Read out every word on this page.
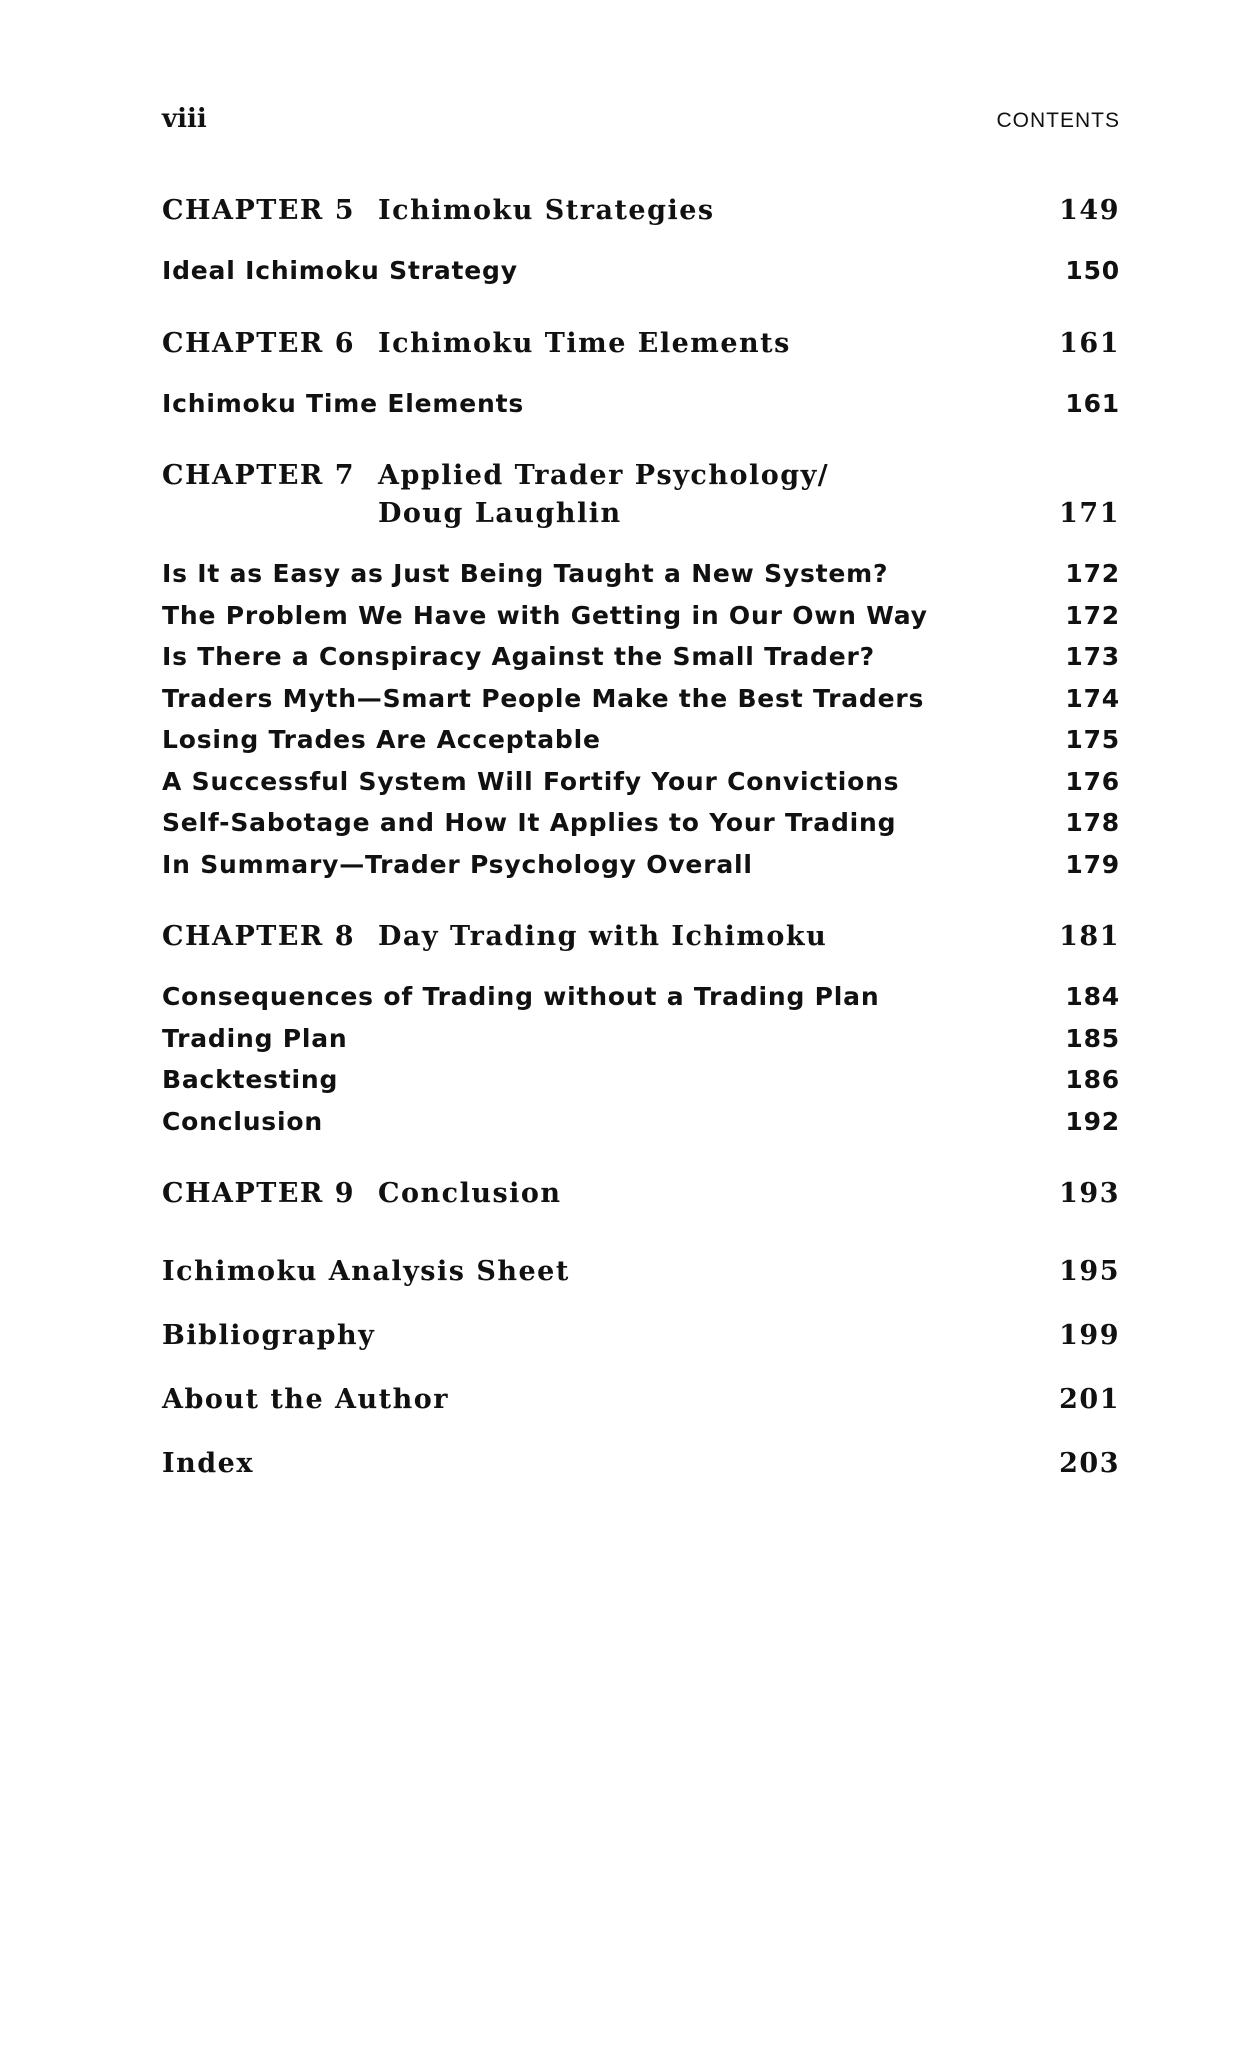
viii	CONTENTS
CHAPTER 5 Ichimoku Strategies	149
Ideal Ichimoku Strategy	150
CHAPTER 6 Ichimoku Time Elements	161
Ichimoku Time Elements	161
CHAPTER 7 Applied Trader Psychology/
Doug Laughlin	171
Is It as Easy as Just Being Taught a New System?	172
The Problem We Have with Getting in Our Own Way	172
Is There a Conspiracy Against the Small Trader?	173
Traders Myth—Smart People Make the Best Traders	174
Losing Trades Are Acceptable	175
A Successful System Will Fortify Your Convictions	176
Self-Sabotage and How It Applies to Your Trading	178
In Summary—Trader Psychology Overall	179
CHAPTER 8 Day Trading with Ichimoku	181
Consequences of Trading without a Trading Plan	184
Trading Plan	185
Backtesting	186
Conclusion	192
CHAPTER 9 Conclusion	193
Ichimoku Analysis Sheet	195
Bibliography	199
About the Author	201
Index	203
